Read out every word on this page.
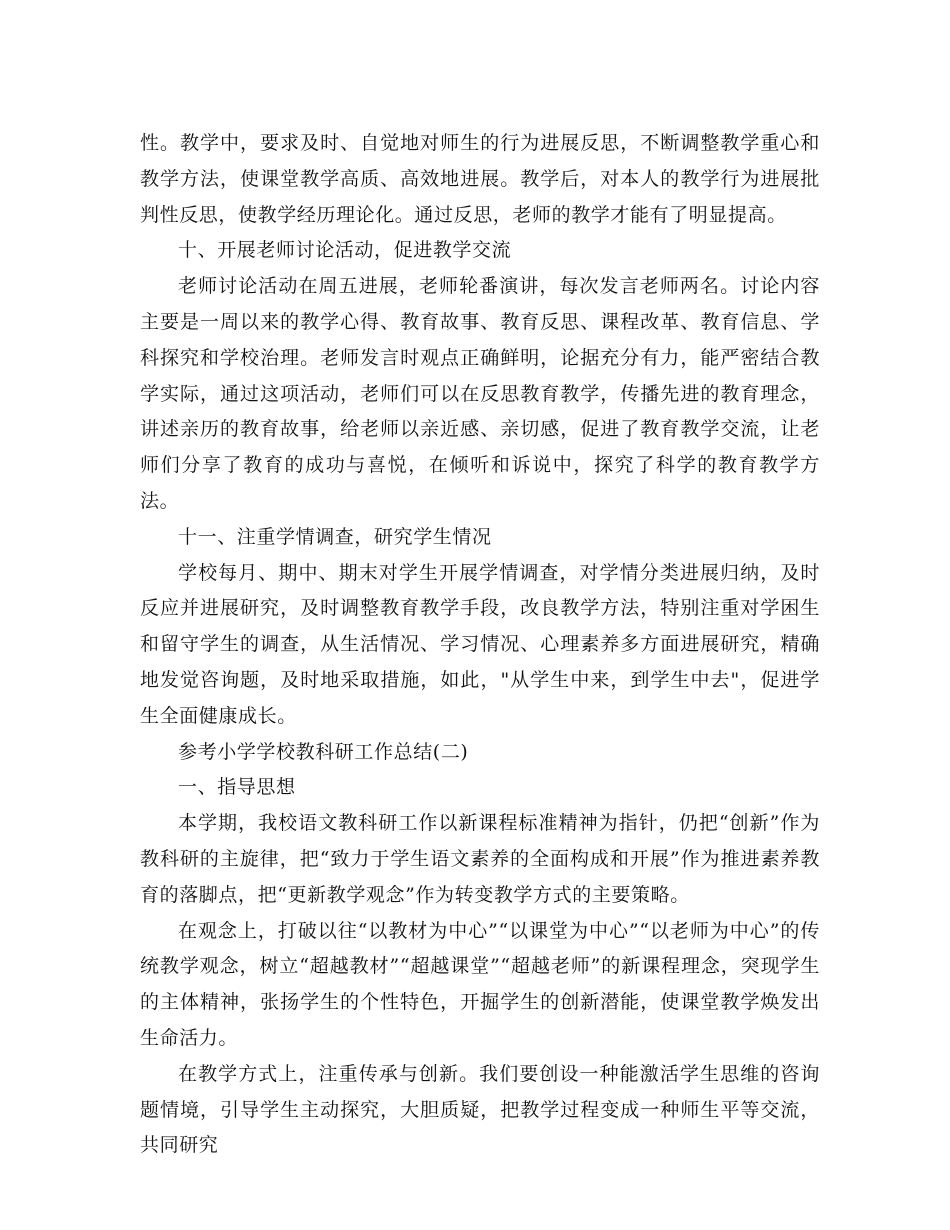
性。教学中，要求及时、自觉地对师生的行为进展反思，不断调整教学重心和教学方法，使课堂教学高质、高效地进展。教学后，对本人的教学行为进展批判性反思，使教学经历理论化。通过反思，老师的教学才能有了明显提高。

十、开展老师讨论活动，促进教学交流

老师讨论活动在周五进展，老师轮番演讲，每次发言老师两名。讨论内容主要是一周以来的教学心得、教育故事、教育反思、课程改革、教育信息、学科探究和学校治理。老师发言时观点正确鲜明，论据充分有力，能严密结合教学实际，通过这项活动，老师们可以在反思教育教学，传播先进的教育理念，讲述亲历的教育故事，给老师以亲近感、亲切感，促进了教育教学交流，让老师们分享了教育的成功与喜悦，在倾听和诉说中，探究了科学的教育教学方法。

十一、注重学情调查，研究学生情况

学校每月、期中、期末对学生开展学情调查，对学情分类进展归纳，及时反应并进展研究，及时调整教育教学手段，改良教学方法，特别注重对学困生和留守学生的调查，从生活情况、学习情况、心理素养多方面进展研究，精确地发觉咨询题，及时地采取措施，如此，"从学生中来，到学生中去"，促进学生全面健康成长。

参考小学学校教科研工作总结(二)

一、指导思想

本学期，我校语文教科研工作以新课程标准精神为指针，仍把“创新”作为教科研的主旋律，把“致力于学生语文素养的全面构成和开展”作为推进素养教育的落脚点，把“更新教学观念”作为转变教学方式的主要策略。

在观念上，打破以往“以教材为中心”“以课堂为中心”“以老师为中心”的传统教学观念，树立“超越教材”“超越课堂”“超越老师”的新课程理念，突现学生的主体精神，张扬学生的个性特色，开掘学生的创新潜能，使课堂教学焕发出生命活力。

在教学方式上，注重传承与创新。我们要创设一种能激活学生思维的咨询题情境，引导学生主动探究，大胆质疑，把教学过程变成一种师生平等交流，共同研究
